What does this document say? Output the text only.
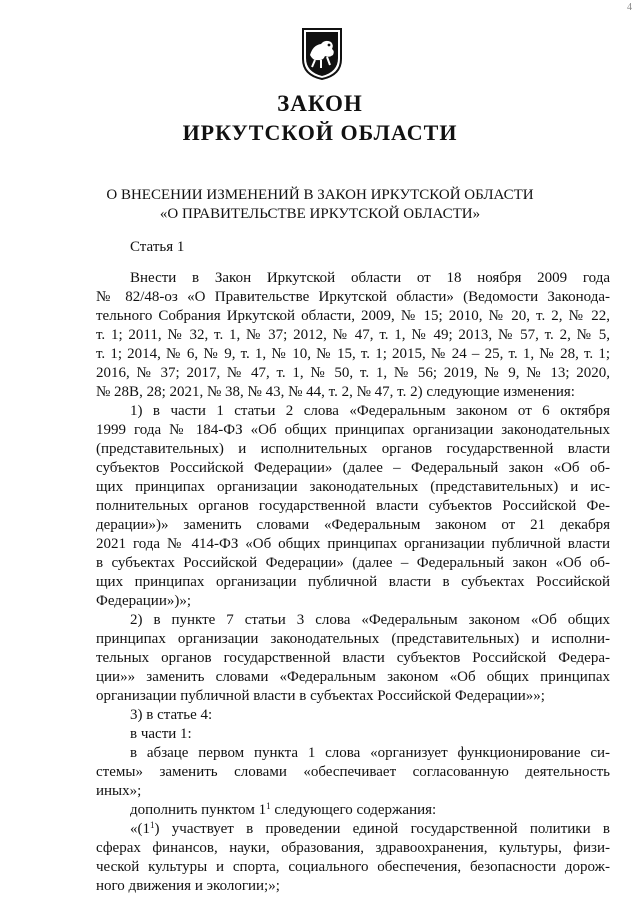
4
ЗАКОН
ИРКУТСКОЙ ОБЛАСТИ
О ВНЕСЕНИИ ИЗМЕНЕНИЙ В ЗАКОН ИРКУТСКОЙ ОБЛАСТИ
«О ПРАВИТЕЛЬСТВЕ ИРКУТСКОЙ ОБЛАСТИ»
Статья 1
Внести в Закон Иркутской области от 18 ноября 2009 года
№ 82/48-оз «О Правительстве Иркутской области» (Ведомости Законода-
тельного Собрания Иркутской области, 2009, № 15; 2010, № 20, т. 2, № 22,
т. 1; 2011, № 32, т. 1, № 37; 2012, № 47, т. 1, № 49; 2013, № 57, т. 2, № 5,
т. 1; 2014, № 6, № 9, т. 1, № 10, № 15, т. 1; 2015, № 24 – 25, т. 1, № 28, т. 1;
2016, № 37; 2017, № 47, т. 1, № 50, т. 1, № 56; 2019, № 9, № 13; 2020,
№ 28В, 28; 2021, № 38, № 43, № 44, т. 2, № 47, т. 2) следующие изменения:
1) в части 1 статьи 2 слова «Федеральным законом от 6 октября
1999 года № 184-ФЗ «Об общих принципах организации законодательных
(представительных) и исполнительных органов государственной власти
субъектов Российской Федерации» (далее – Федеральный закон «Об об-
щих принципах организации законодательных (представительных) и ис-
полнительных органов государственной власти субъектов Российской Фе-
дерации»)» заменить словами «Федеральным законом от 21 декабря
2021 года № 414-ФЗ «Об общих принципах организации публичной власти
в субъектах Российской Федерации» (далее – Федеральный закон «Об об-
щих принципах организации публичной власти в субъектах Российской
Федерации»)»;
2) в пункте 7 статьи 3 слова «Федеральным законом «Об общих
принципах организации законодательных (представительных) и исполни-
тельных органов государственной власти субъектов Российской Федера-
ции»» заменить словами «Федеральным законом «Об общих принципах
организации публичной власти в субъектах Российской Федерации»»;
3) в статье 4:
в части 1:
в абзаце первом пункта 1 слова «организует функционирование си-
стемы» заменить словами «обеспечивает согласованную деятельность
иных»;
дополнить пунктом $1^1$ следующего содержания:
«$(1^1)$ участвует в проведении единой государственной политики в
сферах финансов, науки, образования, здравоохранения, культуры, физи-
ческой культуры и спорта, социального обеспечения, безопасности дорож-
ного движения и экологии;»;
